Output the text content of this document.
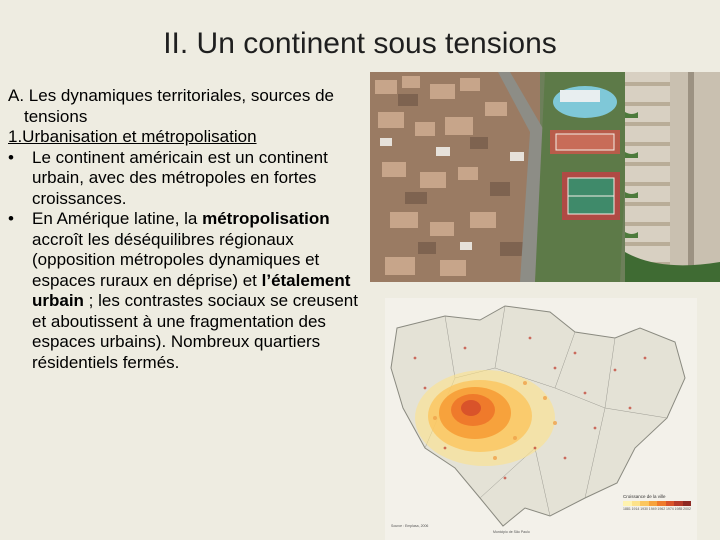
II. Un continent sous tensions

A. Les dynamiques territoriales, sources de tensions

1.Urbanisation et métropolisation

•	Le continent américain est un continent urbain, avec des métropoles en fortes croissances.

•	En Amérique latine, la métropolisation accroît les déséquilibres régionaux (opposition métropoles dynamiques et espaces ruraux en déprise) et l’étalement urbain ; les contrastes sociaux se creusent et aboutissent à une fragmentation des espaces urbains). Nombreux quartiers résidentiels fermés.

Croissance de la ville
1881 1914 1930 1949 1962 1974 1985 2002
Source : Emplasa, 2006
Municipio de São Paulo
